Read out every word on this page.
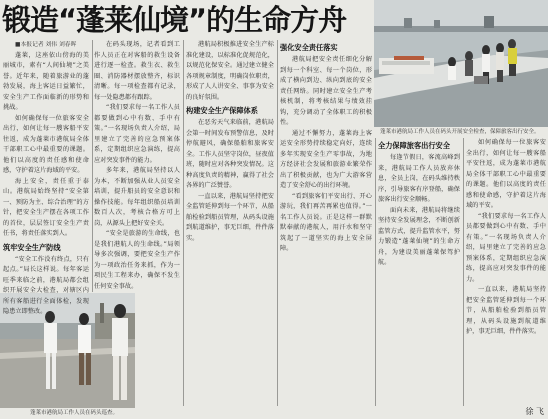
锻造“蓬莱仙境”的生命方舟
蓬莱市港航局工作人员在码头开展安全检查，保障旅客出行安全。
蓬莱市港航局工作人员在码头巡查。

■本报记者 刘伟 刘春晖

蓬莱，这座依山傍海的美丽城市，素有“人间仙境”之美誉。近年来，随着旅游业的蓬勃发展，海上客运日益繁忙，安全生产工作面临新的形势和挑战。

如何确保每一位旅客安全出行，如何让每一艘客船平安往返，成为蓬莱市港航局全体干部职工心中最重要的课题。他们以高度的责任感和使命感，守护着这片海域的平安。

海上安全，责任重于泰山。港航局始终坚持“安全第一、预防为主、综合治理”的方针，把安全生产摆在各项工作的首位，层层签订安全生产责任书，将责任落实到人。

筑牢安全生产防线

“安全工作没有终点，只有起点。”局长这样说。每年客运旺季来临之前，港航局都会组织开展安全大检查，对辖区内所有客船进行全面体检，发现隐患立即整改。

在码头现场，记者看到工作人员正在对客船的救生设备进行逐一检查。救生衣、救生圈、消防器材摆放整齐，标识清晰。每一项检查都有记录，每一处隐患都有跟踪。

“我们要求每一名工作人员都要做到心中有数、手中有策。”一名现场负责人介绍，局里建立了完善的应急预案体系，定期组织应急演练，提高应对突发事件的能力。

多年来，港航局坚持以人为本，不断加强从业人员安全培训，提升船员的安全意识和操作技能。每年组织船员培训数百人次，考核合格方可上岗，从源头上把好安全关。

“安全是旅游的生命线，也是我们港航人的生命线。”局领导多次强调，要把安全生产作为一项政治任务来抓，作为一项民生工程来办，确保不发生任何安全事故。

港航局积极推进安全生产标准化建设，以标准化促规范化，以规范化保安全。通过建立健全各项规章制度，明确岗位职责，形成了人人讲安全、事事为安全的良好氛围。

构建安全生产保障体系

在恶劣天气来临前，港航局会第一时间发布预警信息，及时停航避风，确保船舶和旅客安全。工作人员坚守岗位，昼夜值班，随时应对各种突发情况。这种高度负责的精神，赢得了社会各界的广泛赞誉。

一直以来，港航局坚持把安全监管延伸到每一个环节，从船舶检验到船员管理，从码头设施到航道维护，事无巨细，件件落实。

强化安全责任落实

港航局把安全责任细化分解到每一个科室、每一个岗位，形成了横向到边、纵向到底的安全责任网络。同时建立安全生产考核机制，将考核结果与绩效挂钩，充分调动了全体职工的积极性。

通过不懈努力，蓬莱海上客运安全形势持续稳定向好，连续多年实现安全生产零事故，为地方经济社会发展和旅游业繁荣作出了积极贡献，也为广大游客营造了安全舒心的出行环境。

“看到旅客们平安出行、开心游玩，我们再苦再累也值得。”一名工作人员说。正是这样一群默默奉献的港航人，用汗水和坚守筑起了一道坚实的海上安全屏障。

全力保障旅客出行安全

每逢节假日，客流高峰到来，港航局工作人员放弃休息，全员上岗，在码头维持秩序，引导旅客有序登船，确保旅客出行安全顺畅。

面向未来，港航局将继续坚持安全发展理念，不断创新监管方式，提升监管水平，努力锻造“蓬莱仙境”的生命方舟，为建设美丽蓬莱保驾护航。

如何确保每一位旅客安全出行，如何让每一艘客船平安往返，成为蓬莱市港航局全体干部职工心中最重要的课题。他们以高度的责任感和使命感，守护着这片海域的平安。

“我们要求每一名工作人员都要做到心中有数、手中有策。”一名现场负责人介绍，局里建立了完善的应急预案体系，定期组织应急演练，提高应对突发事件的能力。

一直以来，港航局坚持把安全监管延伸到每一个环节，从船舶检验到船员管理，从码头设施到航道维护，事无巨细，件件落实。

徐 飞
